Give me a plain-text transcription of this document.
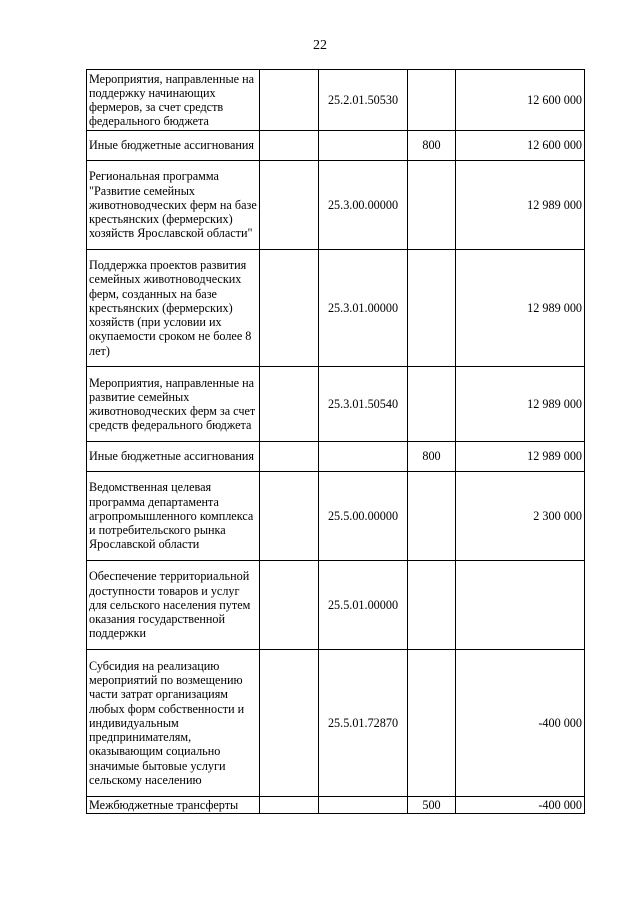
22
Мероприятия, направленные на поддержку начинающих фермеров, за счет средств федерального бюджета		25.2.01.50530		12 600 000
Иные бюджетные ассигнования			800	12 600 000
Региональная программа "Развитие семейных животноводческих ферм на базе крестьянских (фермерских) хозяйств Ярославской области"		25.3.00.00000		12 989 000
Поддержка проектов развития семейных животноводческих ферм, созданных на базе крестьянских (фермерских) хозяйств (при условии их окупаемости сроком не более 8 лет)		25.3.01.00000		12 989 000
Мероприятия, направленные на развитие семейных животноводческих ферм за счет средств федерального бюджета		25.3.01.50540		12 989 000
Иные бюджетные ассигнования			800	12 989 000
Ведомственная целевая программа департамента агропромышленного комплекса и потребительского рынка Ярославской области		25.5.00.00000		2 300 000
Обеспечение территориальной доступности товаров и услуг для сельского населения путем оказания государственной поддержки		25.5.01.00000		
Субсидия на реализацию мероприятий по возмещению части затрат организациям любых форм собственности и индивидуальным предпринимателям, оказывающим социально значимые бытовые услуги сельскому населению		25.5.01.72870		-400 000
Межбюджетные трансферты			500	-400 000
